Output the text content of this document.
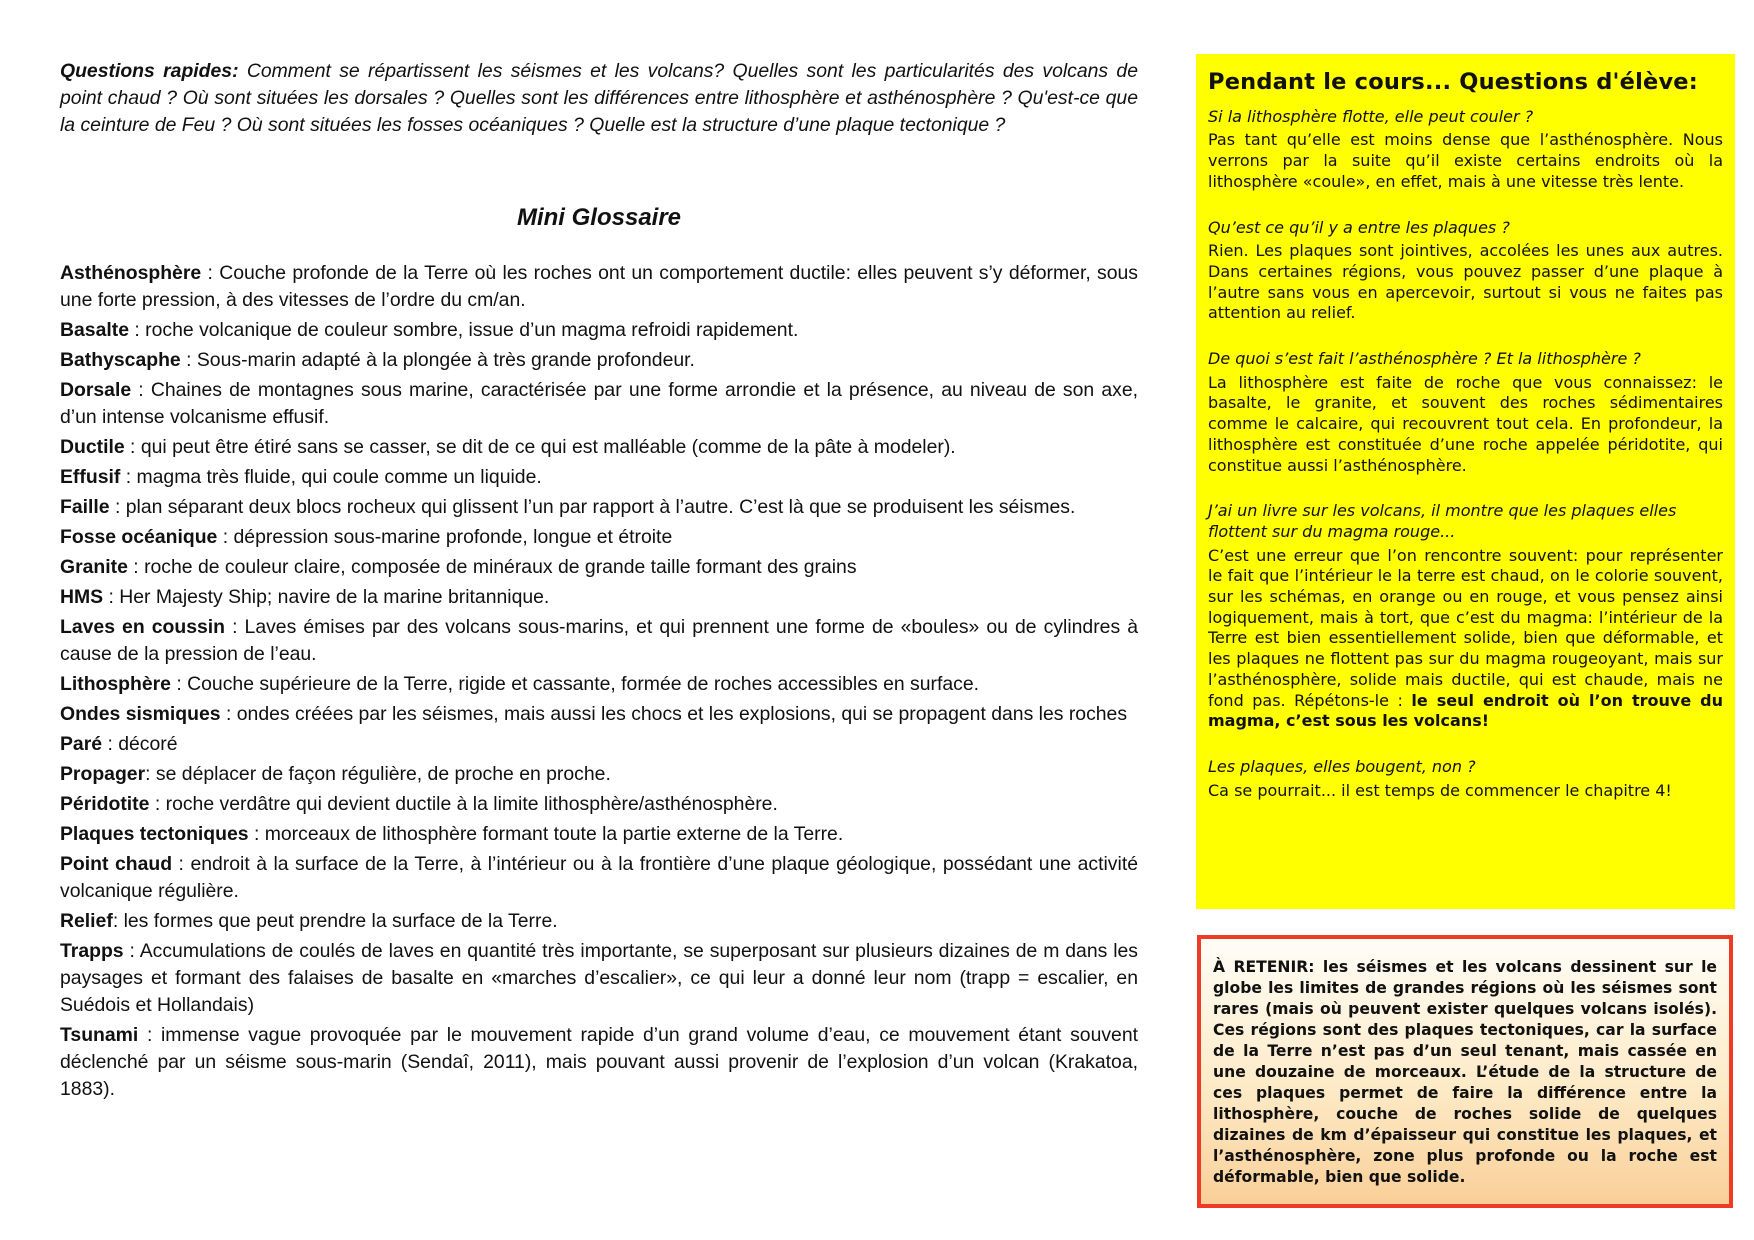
Questions rapides: Comment se répartissent les séismes et les volcans? Quelles sont les particularités des volcans de point chaud ? Où sont situées les dorsales ? Quelles sont les différences entre lithosphère et asthénosphère ? Qu'est-ce que la ceinture de Feu ? Où sont situées les fosses océaniques ? Quelle est la structure d’une plaque tectonique ?

Mini Glossaire

Asthénosphère : Couche profonde de la Terre où les roches ont un comportement ductile: elles peuvent s’y déformer, sous une forte pression, à des vitesses de l’ordre du cm/an.

Basalte : roche volcanique de couleur sombre, issue d’un magma refroidi rapidement.

Bathyscaphe : Sous-marin adapté à la plongée à très grande profondeur.

Dorsale : Chaines de montagnes sous marine, caractérisée par une forme arrondie et la présence, au niveau de son axe, d’un intense volcanisme effusif.

Ductile : qui peut être étiré sans se casser, se dit de ce qui est malléable (comme de la pâte à modeler).

Effusif : magma très fluide, qui coule comme un liquide.

Faille : plan séparant deux blocs rocheux qui glissent l’un par rapport à l’autre. C’est là que se produisent les séismes.

Fosse océanique : dépression sous-marine profonde, longue et étroite

Granite : roche de couleur claire, composée de minéraux de grande taille formant des grains

HMS : Her Majesty Ship; navire de la marine britannique.

Laves en coussin : Laves émises par des volcans sous-marins, et qui prennent une forme de «boules» ou de cylindres à cause de la pression de l’eau.

Lithosphère : Couche supérieure de la Terre, rigide et cassante, formée de roches accessibles en surface.

Ondes sismiques : ondes créées par les séismes, mais aussi les chocs et les explosions, qui se propagent dans les roches

Paré : décoré

Propager: se déplacer de façon régulière, de proche en proche.

Péridotite : roche verdâtre qui devient ductile à la limite lithosphère/asthénosphère.

Plaques tectoniques : morceaux de lithosphère formant toute la partie externe de la Terre.

Point chaud : endroit à la surface de la Terre, à l’intérieur ou à la frontière d’une plaque géologique, possédant une activité volcanique régulière.

Relief: les formes que peut prendre la surface de la Terre.

Trapps : Accumulations de coulés de laves en quantité très importante, se superposant sur plusieurs dizaines de m dans les paysages et formant des falaises de basalte en «marches d’escalier», ce qui leur a donné leur nom (trapp = escalier, en Suédois et Hollandais)

Tsunami : immense vague provoquée par le mouvement rapide d’un grand volume d’eau, ce mouvement étant souvent déclenché par un séisme sous-marin (Sendaî, 2011), mais pouvant aussi provenir de l’explosion d’un volcan (Krakatoa, 1883).

Pendant le cours... Questions d'élève:

Si la lithosphère flotte, elle peut couler ?

Pas tant qu’elle est moins dense que l’asthénosphère. Nous verrons par la suite qu’il existe certains endroits où la lithosphère «coule», en effet, mais à une vitesse très lente.

Qu’est ce qu’il y a entre les plaques ?

Rien. Les plaques sont jointives, accolées les unes aux autres. Dans certaines régions, vous pouvez passer d’une plaque à l’autre sans vous en apercevoir, surtout si vous ne faites pas attention au relief.

De quoi s’est fait l’asthénosphère ? Et la lithosphère ?

La lithosphère est faite de roche que vous connaissez: le basalte, le granite, et souvent des roches sédimentaires comme le calcaire, qui recouvrent tout cela. En profondeur, la lithosphère est constituée d’une roche appelée péridotite, qui constitue aussi l’asthénosphère.

J’ai un livre sur les volcans, il montre que les plaques elles flottent sur du magma rouge...

C’est une erreur que l’on rencontre souvent: pour représenter le fait que l’intérieur le la terre est chaud, on le colorie souvent, sur les schémas, en orange ou en rouge, et vous pensez ainsi logiquement, mais à tort, que c’est du magma: l’intérieur de la Terre est bien essentiellement solide, bien que déformable, et les plaques ne flottent pas sur du magma rougeoyant, mais sur l’asthénosphère, solide mais ductile, qui est chaude, mais ne fond pas. Répétons-le : le seul endroit où l’on trouve du magma, c’est sous les volcans!

Les plaques, elles bougent, non ?

Ca se pourrait... il est temps de commencer le chapitre 4!

À RETENIR: les séismes et les volcans dessinent sur le globe les limites de grandes régions où les séismes sont rares (mais où peuvent exister quelques volcans isolés). Ces régions sont des plaques tectoniques, car la surface de la Terre n’est pas d’un seul tenant, mais cassée en une douzaine de morceaux. L’étude de la structure de ces plaques permet de faire la différence entre la lithosphère, couche de roches solide de quelques dizaines de km d’épaisseur qui constitue les plaques, et l’asthénosphère, zone plus profonde ou la roche est déformable, bien que solide.
